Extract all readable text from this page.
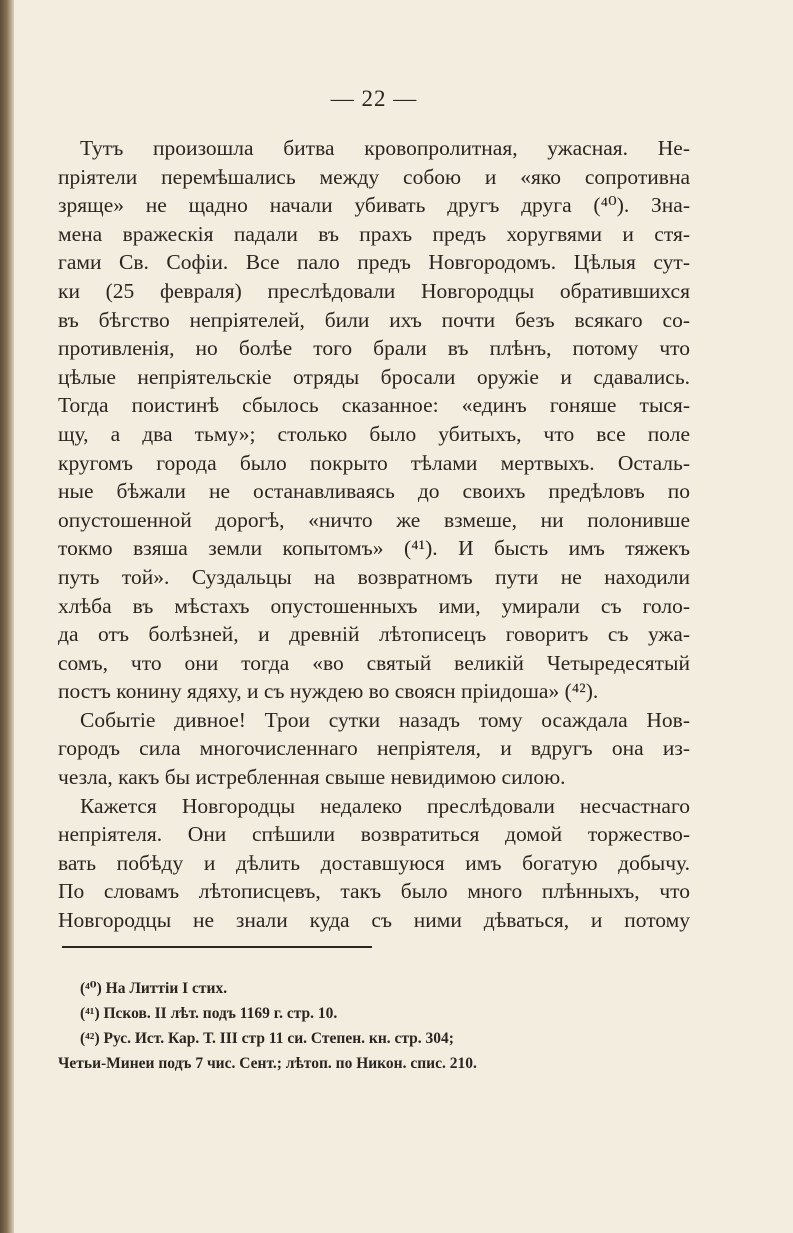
— 22 —
Тутъ произошла битва кровопролитная, ужасная. Не-
пріятели перемѣшались между собою и «яко сопротивна
зряще» не щадно начали убивать другъ друга (⁴⁰). Зна-
мена вражескія падали въ прахъ предъ хоругвями и стя-
гами Св. Софіи. Все пало предъ Новгородомъ. Цѣлыя сут-
ки (25 февраля) преслѣдовали Новгородцы обратившихся
въ бѣгство непріятелей, били ихъ почти безъ всякаго со-
противленія, но болѣе того брали въ плѣнъ, потому что
цѣлые непріятельскіе отряды бросали оружіе и сдавались.
Тогда поистинѣ сбылось сказанное: «единъ гоняше тыся-
щу, а два тьму»; столько было убитыхъ, что все поле
кругомъ города было покрыто тѣлами мертвыхъ. Осталь-
ные бѣжали не останавливаясь до своихъ предѣловъ по
опустошенной дорогѣ, «ничто же взмеше, ни полонивше
токмо взяша земли копытомъ» (⁴¹). И бысть имъ тяжекъ
путь той». Суздальцы на возвратномъ пути не находили
хлѣба въ мѣстахъ опустошенныхъ ими, умирали съ голо-
да отъ болѣзней, и древній лѣтописецъ говоритъ съ ужа-
сомъ, что они тогда «во святый великій Четыредесятый
постъ конину ядяху, и съ нуждею во своясн пріидоша» (⁴²).
Событіе дивное! Трои сутки назадъ тому осаждала Нов-
городъ сила многочисленнаго непріятеля, и вдругъ она из-
чезла, какъ бы истребленная свыше невидимою силою.
Кажется Новгородцы недалеко преслѣдовали несчастнаго
непріятеля. Они спѣшили возвратиться домой торжество-
вать побѣду и дѣлить доставшуюся имъ богатую добычу.
По словамъ лѣтописцевъ, такъ было много плѣнныхъ, что
Новгородцы не знали куда съ ними дѣваться, и потому
(⁴⁰) На Литтіи I стих.
(⁴¹) Псков. II лѣт. подъ 1169 г. стр. 10.
(⁴²) Рус. Ист. Кар. Т. III стр 11 си. Степен. кн. стр. 304;
Четьи-Минеи подъ 7 чис. Сент.; лѣтоп. по Никон. спис. 210.
